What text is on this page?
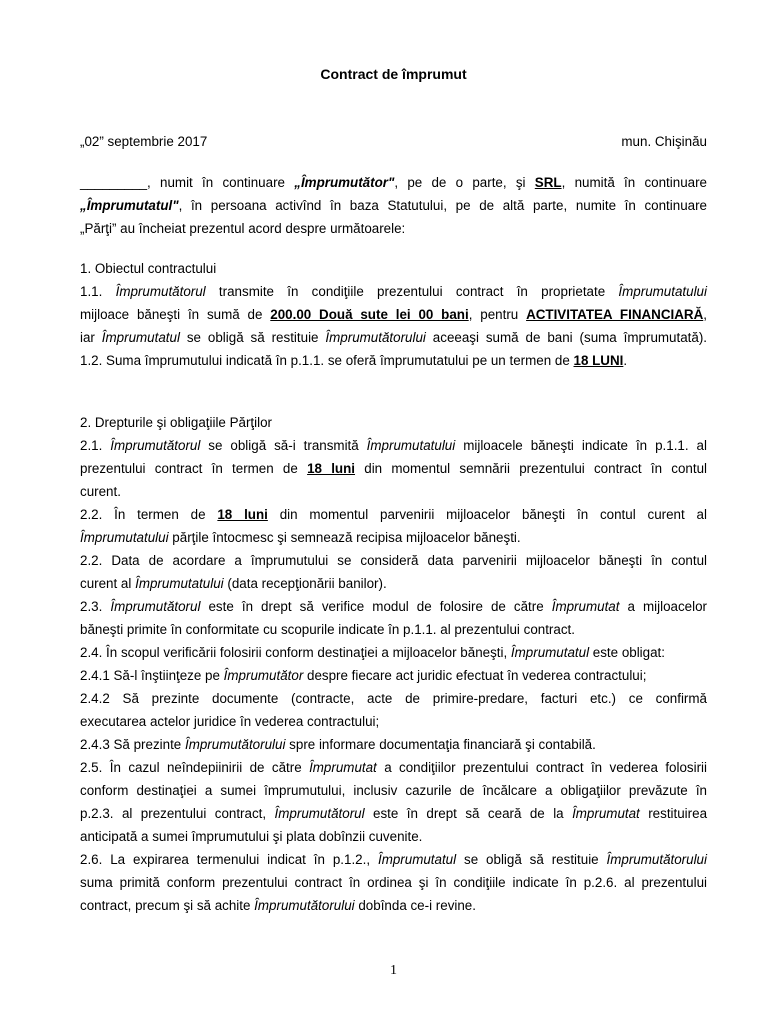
Contract de împrumut
„02” septembrie 2017	mun. Chişinău

_________, numit în continuare „Împrumutător", pe de o parte, şi SRL, numită în continuare

„Împrumutatul", în persoana activînd în baza Statutului, pe de altă parte, numite în continuare

„Părţi” au încheiat prezentul acord despre următoarele:

1. Obiectul contractului

1.1. Împrumutătorul transmite în condiţiile prezentului contract în proprietate Împrumutatului

mijloace băneşti în sumă de 200.00 Două sute lei 00 bani, pentru ACTIVITATEA FINANCIARĂ,

iar Împrumutatul se obligă să restituie Împrumutătorului aceeaşi sumă de bani (suma împrumutată).

1.2. Suma împrumutului indicată în p.1.1. se oferă împrumutatului pe un termen de 18 LUNI.

2. Drepturile şi obligaţiile Părţilor

2.1. Împrumutătorul se obligă să-i transmită Împrumutatului mijloacele băneşti indicate în p.1.1. al

prezentului contract în termen de 18 luni din momentul semnării prezentului contract în contul

curent.

2.2. În termen de 18 luni din momentul parvenirii mijloacelor băneşti în contul curent al

Împrumutatului părţile întocmesc şi semnează recipisa mijloacelor băneşti.

2.2. Data de acordare a împrumutului se consideră data parvenirii mijloacelor băneşti în contul

curent al Împrumutatului (data recepţionării banilor).

2.3. Împrumutătorul este în drept să verifice modul de folosire de către Împrumutat a mijloacelor

băneşti primite în conformitate cu scopurile indicate în p.1.1. al prezentului contract.

2.4. În scopul verificării folosirii conform destinaţiei a mijloacelor băneşti, Împrumutatul este obligat:

2.4.1 Să-l înştiinţeze pe Împrumutător despre fiecare act juridic efectuat în vederea contractului;

2.4.2 Să prezinte documente (contracte, acte de primire-predare, facturi etc.) ce confirmă

executarea actelor juridice în vederea contractului;

2.4.3 Să prezinte Împrumutătorului spre informare documentaţia financiară şi contabilă.

2.5. În cazul neîndepiinirii de către Împrumutat a condiţiilor prezentului contract în vederea folosirii

conform destinaţiei a sumei împrumutului, inclusiv cazurile de încălcare a obligaţiilor prevăzute în

p.2.3. al prezentului contract, Împrumutătorul este în drept să ceară de la Împrumutat restituirea

anticipată a sumei împrumutului şi plata dobînzii cuvenite.

2.6. La expirarea termenului indicat în p.1.2., Împrumutatul se obligă să restituie Împrumutătorului

suma primită conform prezentului contract în ordinea şi în condiţiile indicate în p.2.6. al prezentului

contract, precum şi să achite Împrumutătorului dobînda ce-i revine.

1
